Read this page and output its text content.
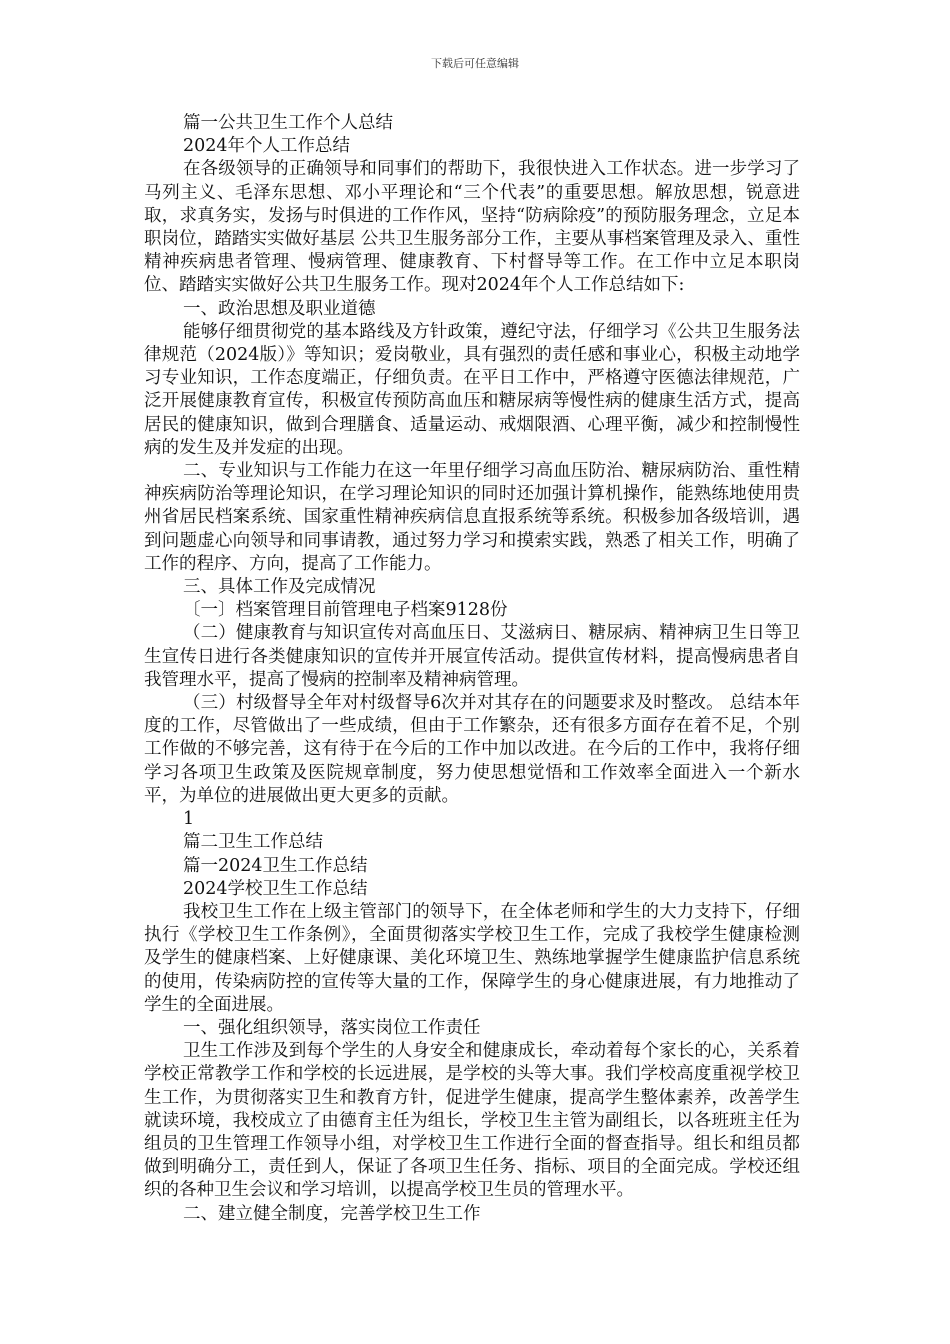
下载后可任意编辑

篇一公共卫生工作个人总结

2024年个人工作总结

在各级领导的正确领导和同事们的帮助下，我很快进入工作状态。进一步学习了马列主义、毛泽东思想、邓小平理论和“三个代表”的重要思想。解放思想，锐意进取，求真务实，发扬与时俱进的工作作风，坚持“防病除疫”的预防服务理念，立足本职岗位，踏踏实实做好基层 公共卫生服务部分工作，主要从事档案管理及录入、重性精神疾病患者管理、慢病管理、健康教育、下村督导等工作。在工作中立足本职岗位、踏踏实实做好公共卫生服务工作。现对2024年个人工作总结如下:

一、政治思想及职业道德

能够仔细贯彻党的基本路线及方针政策，遵纪守法，仔细学习《公共卫生服务法律规范（2024版）》等知识；爱岗敬业，具有强烈的责任感和事业心，积极主动地学习专业知识，工作态度端正，仔细负责。在平日工作中，严格遵守医德法律规范，广泛开展健康教育宣传，积极宣传预防高血压和糖尿病等慢性病的健康生活方式，提高居民的健康知识，做到合理膳食、适量运动、戒烟限酒、心理平衡，减少和控制慢性病的发生及并发症的出现。

二、专业知识与工作能力在这一年里仔细学习高血压防治、糖尿病防治、重性精神疾病防治等理论知识，在学习理论知识的同时还加强计算机操作，能熟练地使用贵州省居民档案系统、国家重性精神疾病信息直报系统等系统。积极参加各级培训，遇到问题虚心向领导和同事请教，通过努力学习和摸索实践，熟悉了相关工作，明确了工作的程序、方向，提高了工作能力。

三、具体工作及完成情况

〔一〕档案管理目前管理电子档案9128份

（二）健康教育与知识宣传对高血压日、艾滋病日、糖尿病、精神病卫生日等卫生宣传日进行各类健康知识的宣传并开展宣传活动。提供宣传材料，提高慢病患者自我管理水平，提高了慢病的控制率及精神病管理。

（三）村级督导全年对村级督导6次并对其存在的问题要求及时整改。 总结本年度的工作，尽管做出了一些成绩，但由于工作繁杂，还有很多方面存在着不足，个别工作做的不够完善，这有待于在今后的工作中加以改进。在今后的工作中，我将仔细学习各项卫生政策及医院规章制度，努力使思想觉悟和工作效率全面进入一个新水平，为单位的进展做出更大更多的贡献。

1

篇二卫生工作总结

篇一2024卫生工作总结

2024学校卫生工作总结

我校卫生工作在上级主管部门的领导下，在全体老师和学生的大力支持下，仔细执行《学校卫生工作条例》，全面贯彻落实学校卫生工作，完成了我校学生健康检测及学生的健康档案、上好健康课、美化环境卫生、熟练地掌握学生健康监护信息系统的使用，传染病防控的宣传等大量的工作，保障学生的身心健康进展，有力地推动了学生的全面进展。

一、强化组织领导，落实岗位工作责任

卫生工作涉及到每个学生的人身安全和健康成长，牵动着每个家长的心，关系着学校正常教学工作和学校的长远进展，是学校的头等大事。我们学校高度重视学校卫生工作，为贯彻落实卫生和教育方针，促进学生健康，提高学生整体素养，改善学生就读环境，我校成立了由德育主任为组长，学校卫生主管为副组长，以各班班主任为组员的卫生管理工作领导小组，对学校卫生工作进行全面的督查指导。组长和组员都做到明确分工，责任到人，保证了各项卫生任务、指标、项目的全面完成。学校还组织的各种卫生会议和学习培训，以提高学校卫生员的管理水平。

二、建立健全制度，完善学校卫生工作
